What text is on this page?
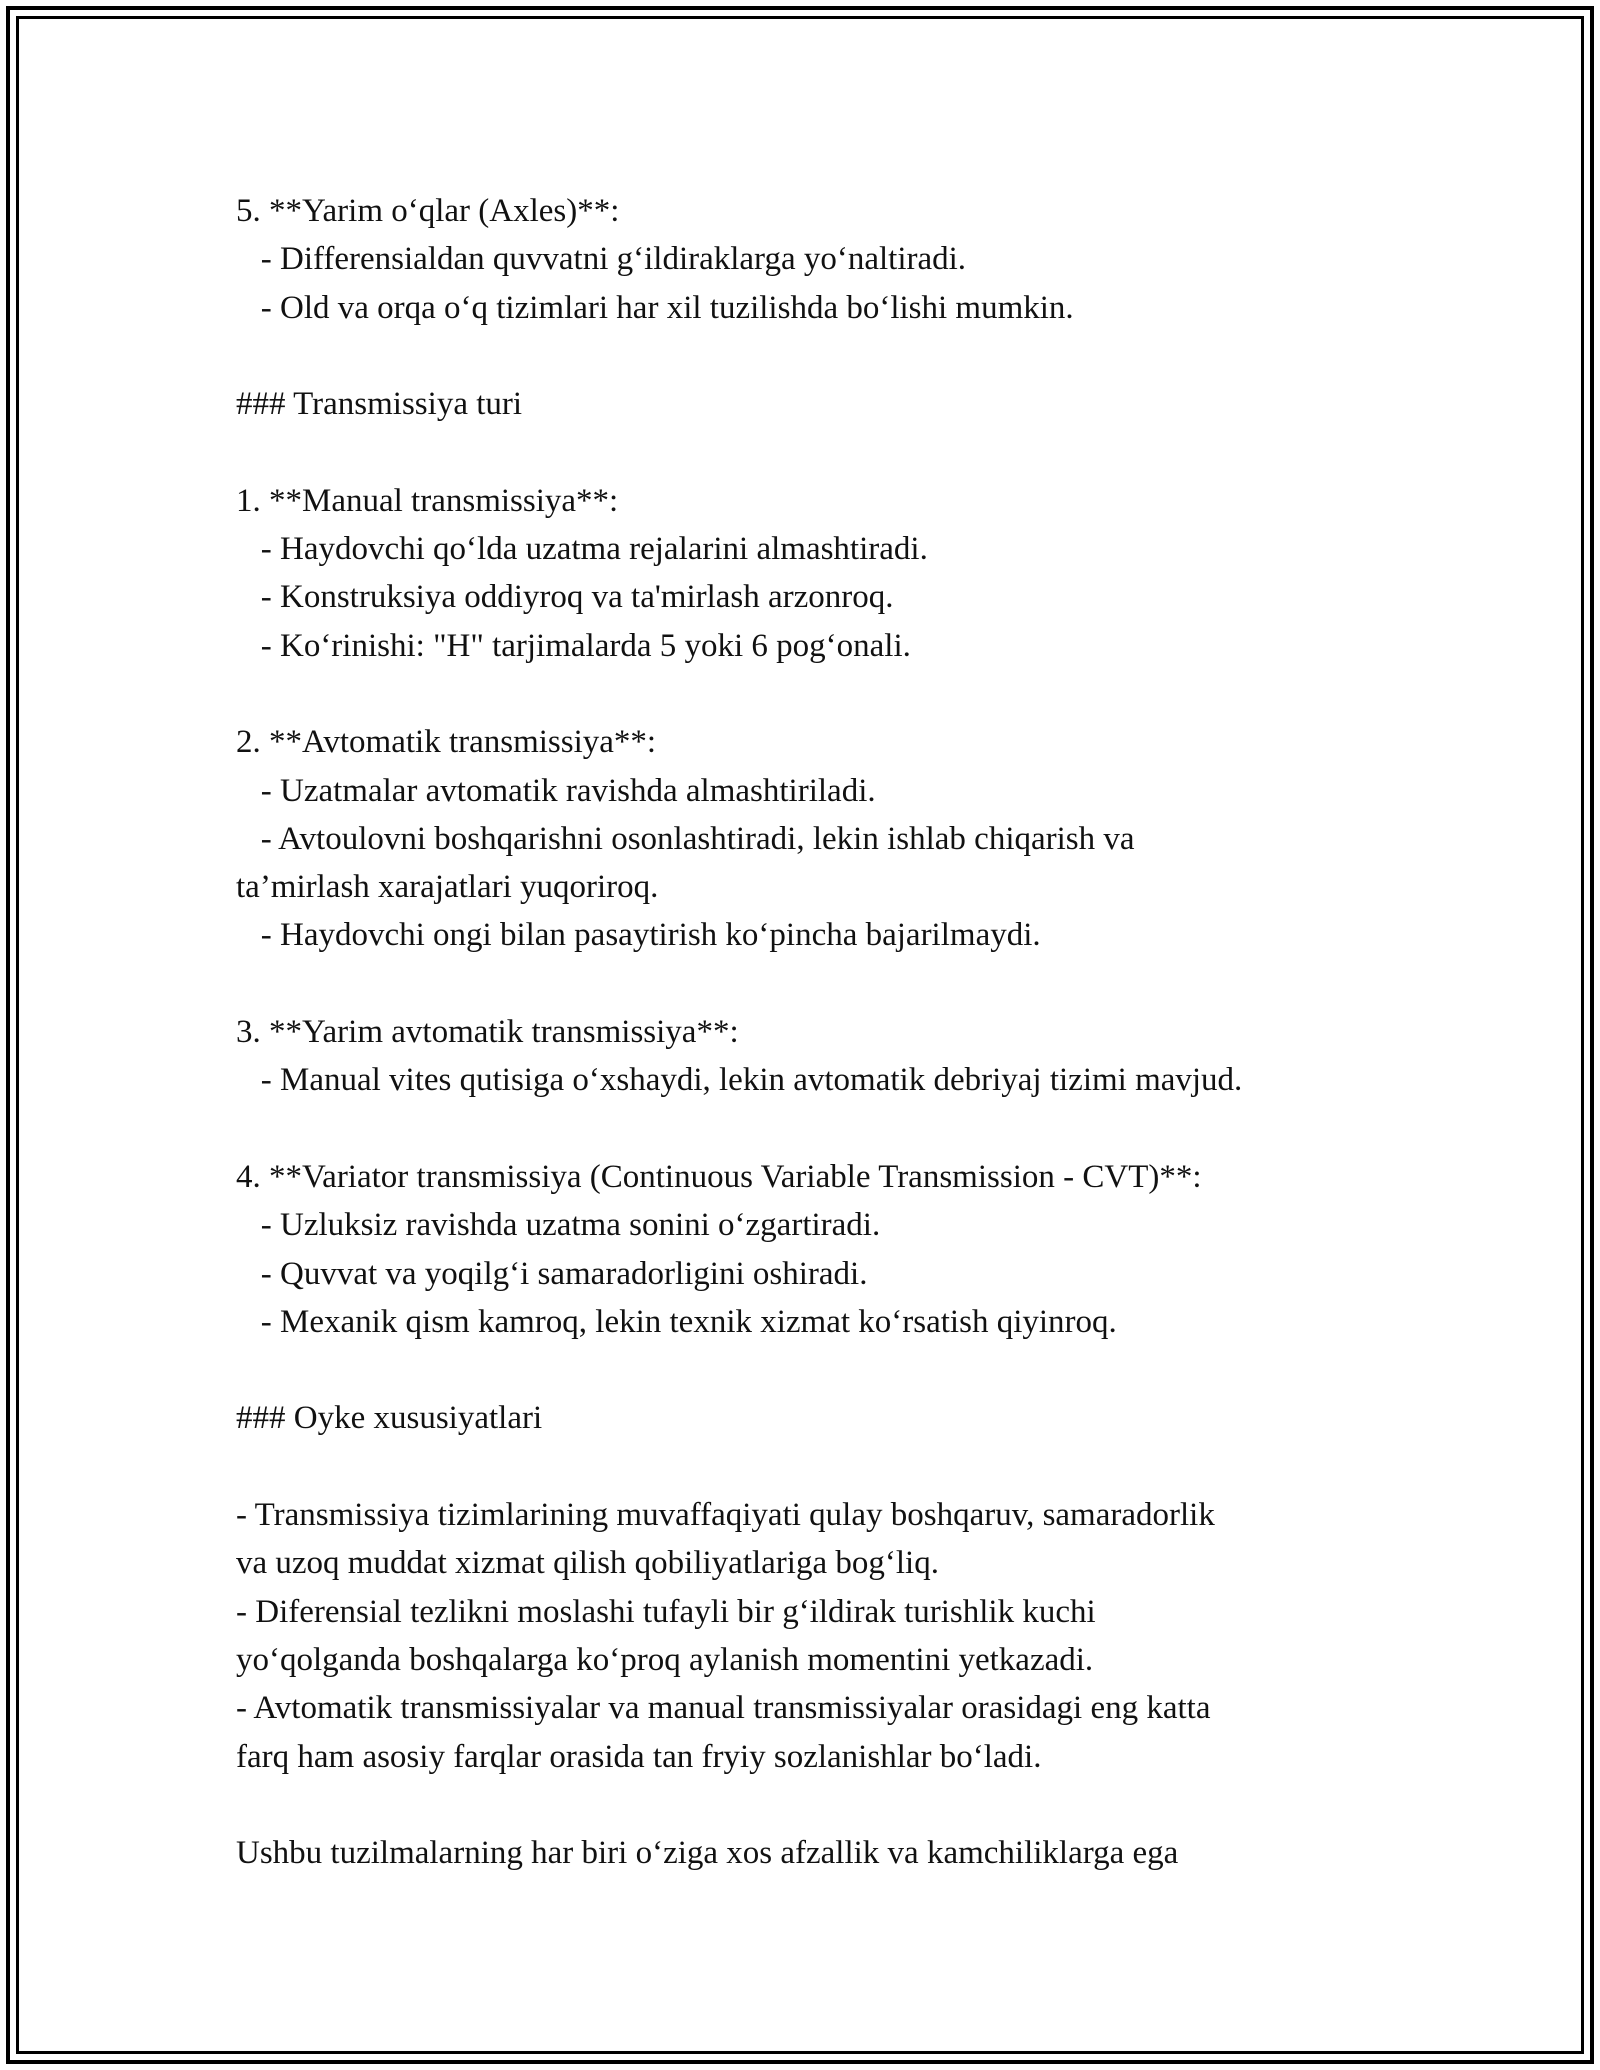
5. **Yarim o‘qlar (Axles)**:
- Differensialdan quvvatni g‘ildiraklarga yo‘naltiradi.
- Old va orqa o‘q tizimlari har xil tuzilishda bo‘lishi mumkin.
### Transmissiya turi
1. **Manual transmissiya**:
- Haydovchi qo‘lda uzatma rejalarini almashtiradi.
- Konstruksiya oddiyroq va ta'mirlash arzonroq.
- Ko‘rinishi: "H" tarjimalarda 5 yoki 6 pog‘onali.
2. **Avtomatik transmissiya**:
- Uzatmalar avtomatik ravishda almashtiriladi.
- Avtoulovni boshqarishni osonlashtiradi, lekin ishlab chiqarish va
ta’mirlash xarajatlari yuqoriroq.
- Haydovchi ongi bilan pasaytirish ko‘pincha bajarilmaydi.
3. **Yarim avtomatik transmissiya**:
- Manual vites qutisiga o‘xshaydi, lekin avtomatik debriyaj tizimi mavjud.
4. **Variator transmissiya (Continuous Variable Transmission - CVT)**:
- Uzluksiz ravishda uzatma sonini o‘zgartiradi.
- Quvvat va yoqilg‘i samaradorligini oshiradi.
- Mexanik qism kamroq, lekin texnik xizmat ko‘rsatish qiyinroq.
### Oyke xususiyatlari
- Transmissiya tizimlarining muvaffaqiyati qulay boshqaruv, samaradorlik
va uzoq muddat xizmat qilish qobiliyatlariga bog‘liq.
- Diferensial tezlikni moslashi tufayli bir g‘ildirak turishlik kuchi
yo‘qolganda boshqalarga ko‘proq aylanish momentini yetkazadi.
- Avtomatik transmissiyalar va manual transmissiyalar orasidagi eng katta
farq ham asosiy farqlar orasida tan fryiy sozlanishlar bo‘ladi.
Ushbu tuzilmalarning har biri o‘ziga xos afzallik va kamchiliklarga ega
